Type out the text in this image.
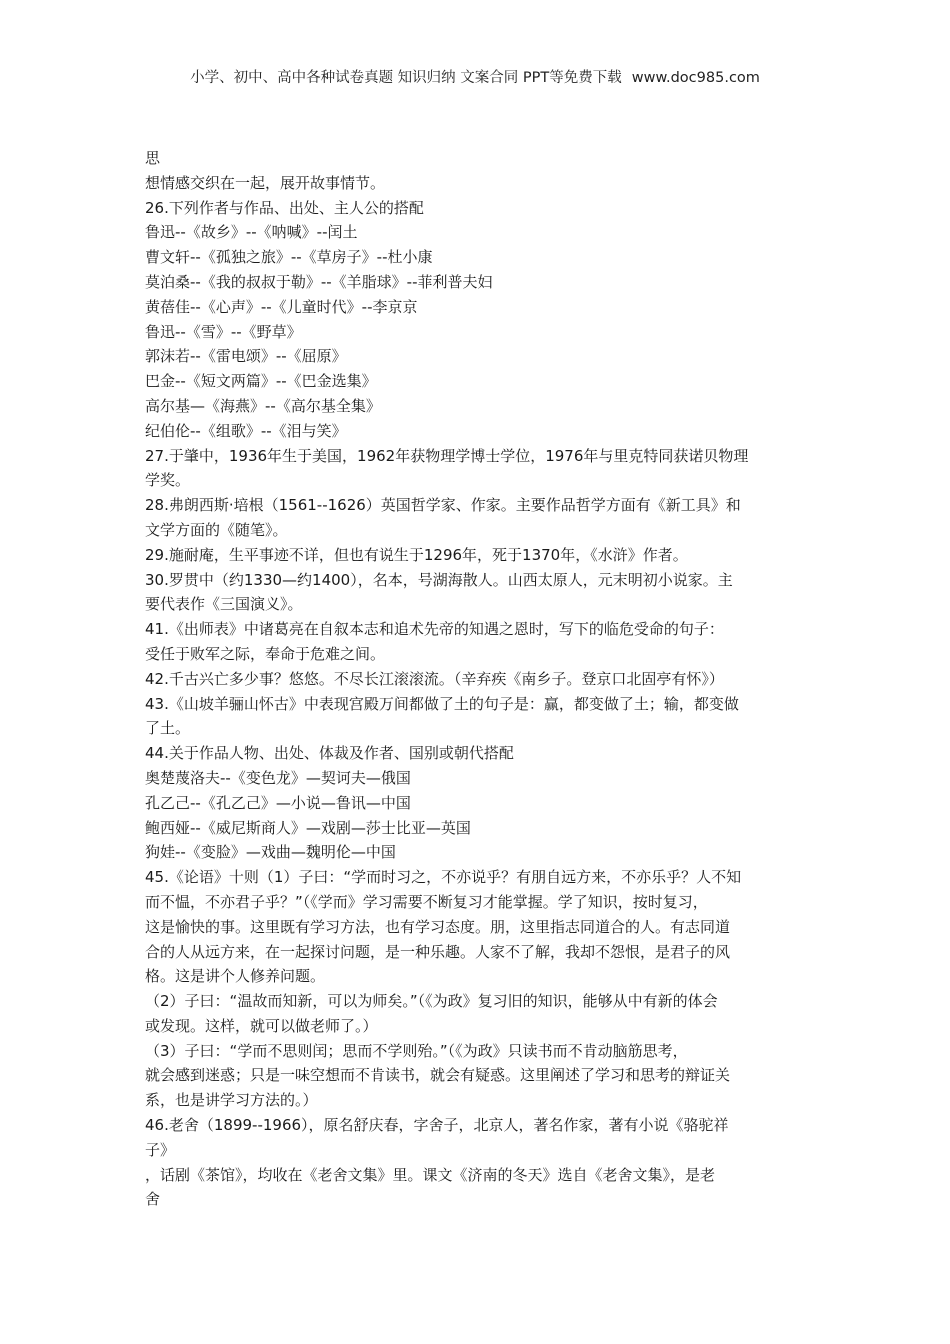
小学、初中、高中各种试卷真题 知识归纳 文案合同 PPT等免费下载 www.doc985.com
思
想情感交织在一起，展开故事情节。
26.下列作者与作品、出处、主人公的搭配
鲁迅--《故乡》--《呐喊》--闰土
曹文轩--《孤独之旅》--《草房子》--杜小康
莫泊桑--《我的叔叔于勒》--《羊脂球》--菲利普夫妇
黄蓓佳--《心声》--《儿童时代》--李京京
鲁迅--《雪》--《野草》
郭沫若--《雷电颂》--《屈原》
巴金--《短文两篇》--《巴金选集》
高尔基—《海燕》--《高尔基全集》
纪伯伦--《组歌》--《泪与笑》
27.于肇中，1936年生于美国，1962年获物理学博士学位，1976年与里克特同获诺贝物理
学奖。
28.弗朗西斯·培根（1561--1626）英国哲学家、作家。主要作品哲学方面有《新工具》和
文学方面的《随笔》。
29.施耐庵，生平事迹不详，但也有说生于1296年，死于1370年，《水浒》作者。
30.罗贯中（约1330—约1400），名本，号湖海散人。山西太原人，元末明初小说家。主
要代表作《三国演义》。
41.《出师表》中诸葛亮在自叙本志和追术先帝的知遇之恩时，写下的临危受命的句子：
受任于败军之际，奉命于危难之间。
42.千古兴亡多少事？悠悠。不尽长江滚滚流。（辛弃疾《南乡子。登京口北固亭有怀》）
43.《山坡羊骊山怀古》中表现宫殿万间都做了土的句子是：赢，都变做了土；输，都变做
了土。
44.关于作品人物、出处、体裁及作者、国别或朝代搭配
奥楚蔑洛夫--《变色龙》—契诃夫—俄国
孔乙己--《孔乙己》—小说—鲁讯—中国
鲍西娅--《威尼斯商人》—戏剧—莎士比亚—英国
狗娃--《变脸》—戏曲—魏明伦—中国
45.《论语》十则（1）子曰：“学而时习之，不亦说乎？有朋自远方来，不亦乐乎？人不知
而不愠，不亦君子乎？”（《学而》学习需要不断复习才能掌握。学了知识，按时复习，
这是愉快的事。这里既有学习方法，也有学习态度。朋，这里指志同道合的人。有志同道
合的人从远方来，在一起探讨问题，是一种乐趣。人家不了解，我却不怨恨，是君子的风
格。这是讲个人修养问题。
（2）子曰：“温故而知新，可以为师矣。”（《为政》复习旧的知识，能够从中有新的体会
或发现。这样，就可以做老师了。）
（3）子曰：“学而不思则闰；思而不学则殆。”（《为政》只读书而不肯动脑筋思考，
就会感到迷惑；只是一味空想而不肯读书，就会有疑惑。这里阐述了学习和思考的辩证关
系，也是讲学习方法的。）
46.老舍（1899--1966），原名舒庆春，字舍子，北京人，著名作家，著有小说《骆驼祥
子》
，话剧《茶馆》，均收在《老舍文集》里。课文《济南的冬天》选自《老舍文集》，是老
舍
